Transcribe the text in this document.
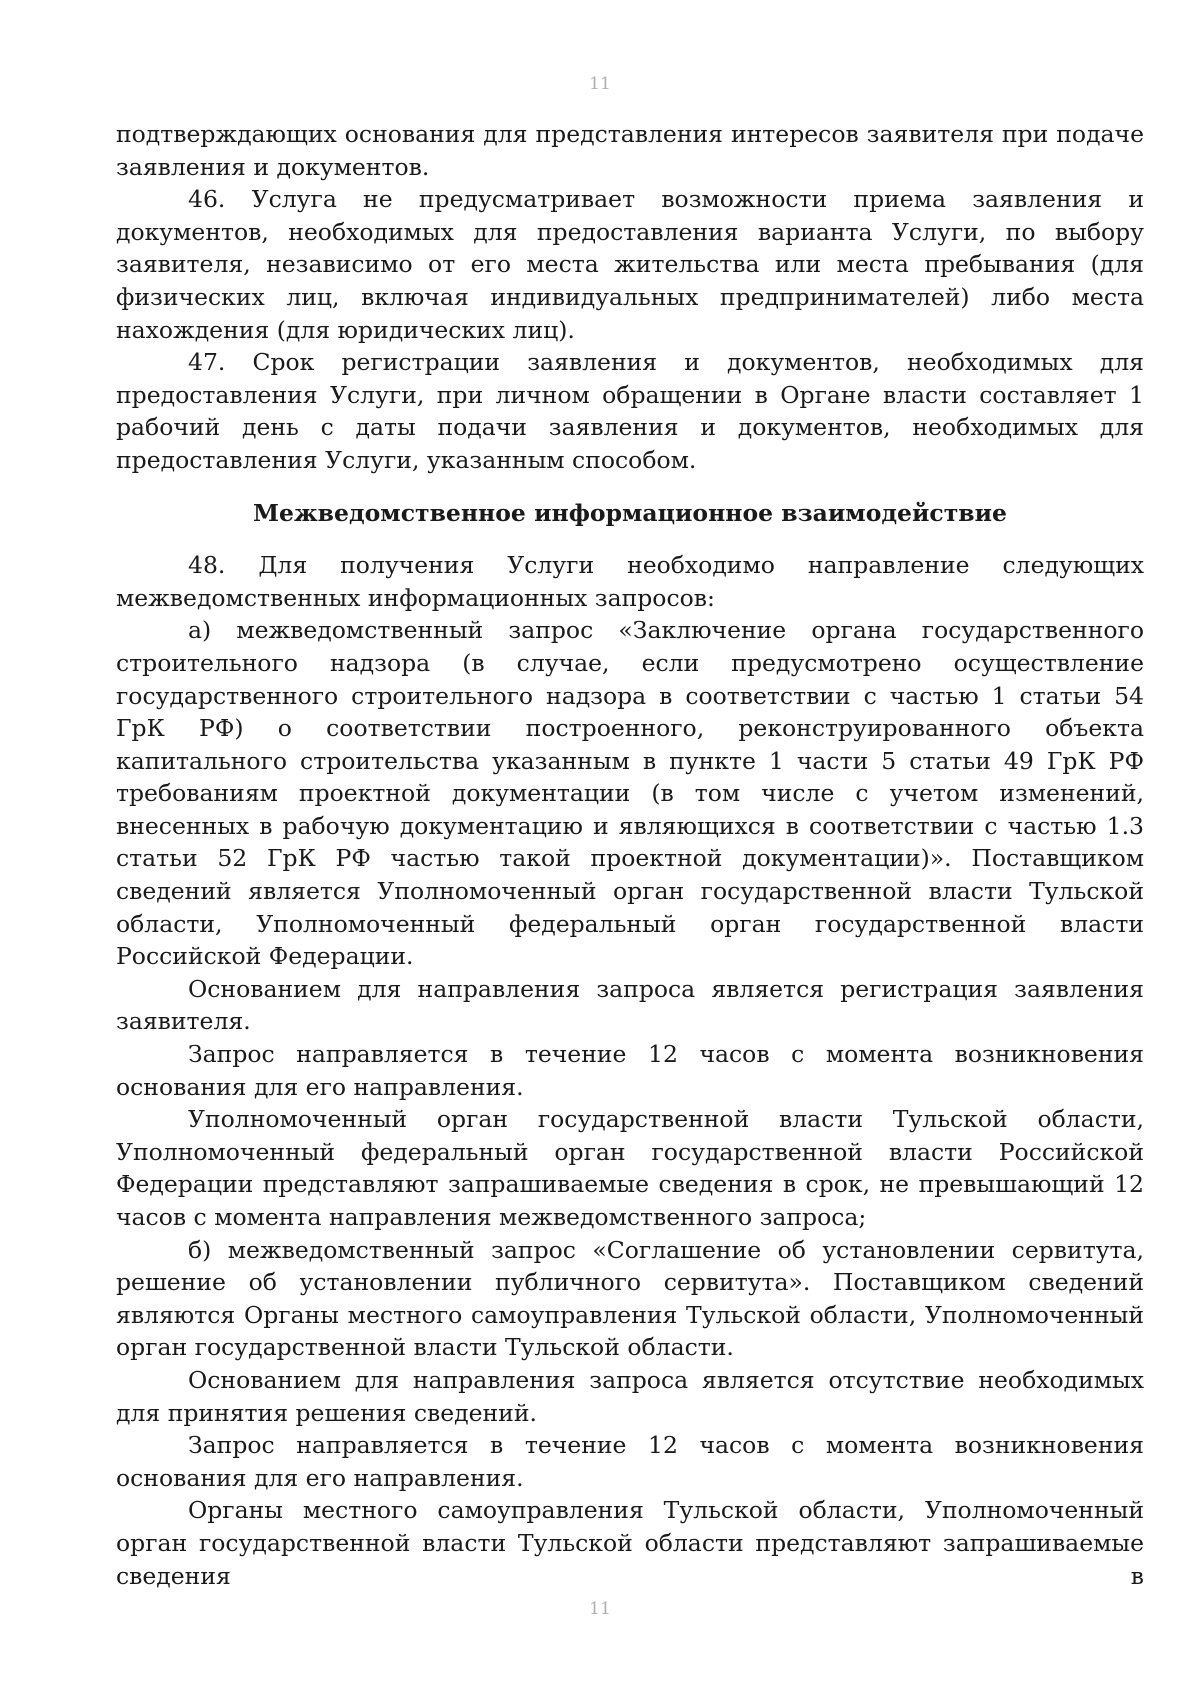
11

подтверждающих основания для представления интересов заявителя при подаче заявления и документов.

46. Услуга не предусматривает возможности приема заявления и документов, необходимых для предоставления варианта Услуги, по выбору заявителя, независимо от его места жительства или места пребывания (для физических лиц, включая индивидуальных предпринимателей) либо места нахождения (для юридических лиц).

47. Срок регистрации заявления и документов, необходимых для предоставления Услуги, при личном обращении в Органе власти составляет 1 рабочий день с даты подачи заявления и документов, необходимых для предоставления Услуги, указанным способом.

Межведомственное информационное взаимодействие

48. Для получения Услуги необходимо направление следующих межведомственных информационных запросов:

а) межведомственный запрос «Заключение органа государственного строительного надзора (в случае, если предусмотрено осуществление государственного строительного надзора в соответствии с частью 1 статьи 54 ГрК РФ) о соответствии построенного, реконструированного объекта капитального строительства указанным в пункте 1 части 5 статьи 49 ГрК РФ требованиям проектной документации (в том числе с учетом изменений, внесенных в рабочую документацию и являющихся в соответствии с частью 1.3 статьи 52 ГрК РФ частью такой проектной документации)». Поставщиком сведений является Уполномоченный орган государственной власти Тульской области, Уполномоченный федеральный орган государственной власти Российской Федерации.

Основанием для направления запроса является регистрация заявления заявителя.

Запрос направляется в течение 12 часов с момента возникновения основания для его направления.

Уполномоченный орган государственной власти Тульской области, Уполномоченный федеральный орган государственной власти Российской Федерации представляют запрашиваемые сведения в срок, не превышающий 12 часов с момента направления межведомственного запроса;

б) межведомственный запрос «Соглашение об установлении сервитута, решение об установлении публичного сервитута». Поставщиком сведений являются Органы местного самоуправления Тульской области, Уполномоченный орган государственной власти Тульской области.

Основанием для направления запроса является отсутствие необходимых для принятия решения сведений.

Запрос направляется в течение 12 часов с момента возникновения основания для его направления.

Органы местного самоуправления Тульской области, Уполномоченный орган государственной власти Тульской области представляют запрашиваемые сведения в

11
